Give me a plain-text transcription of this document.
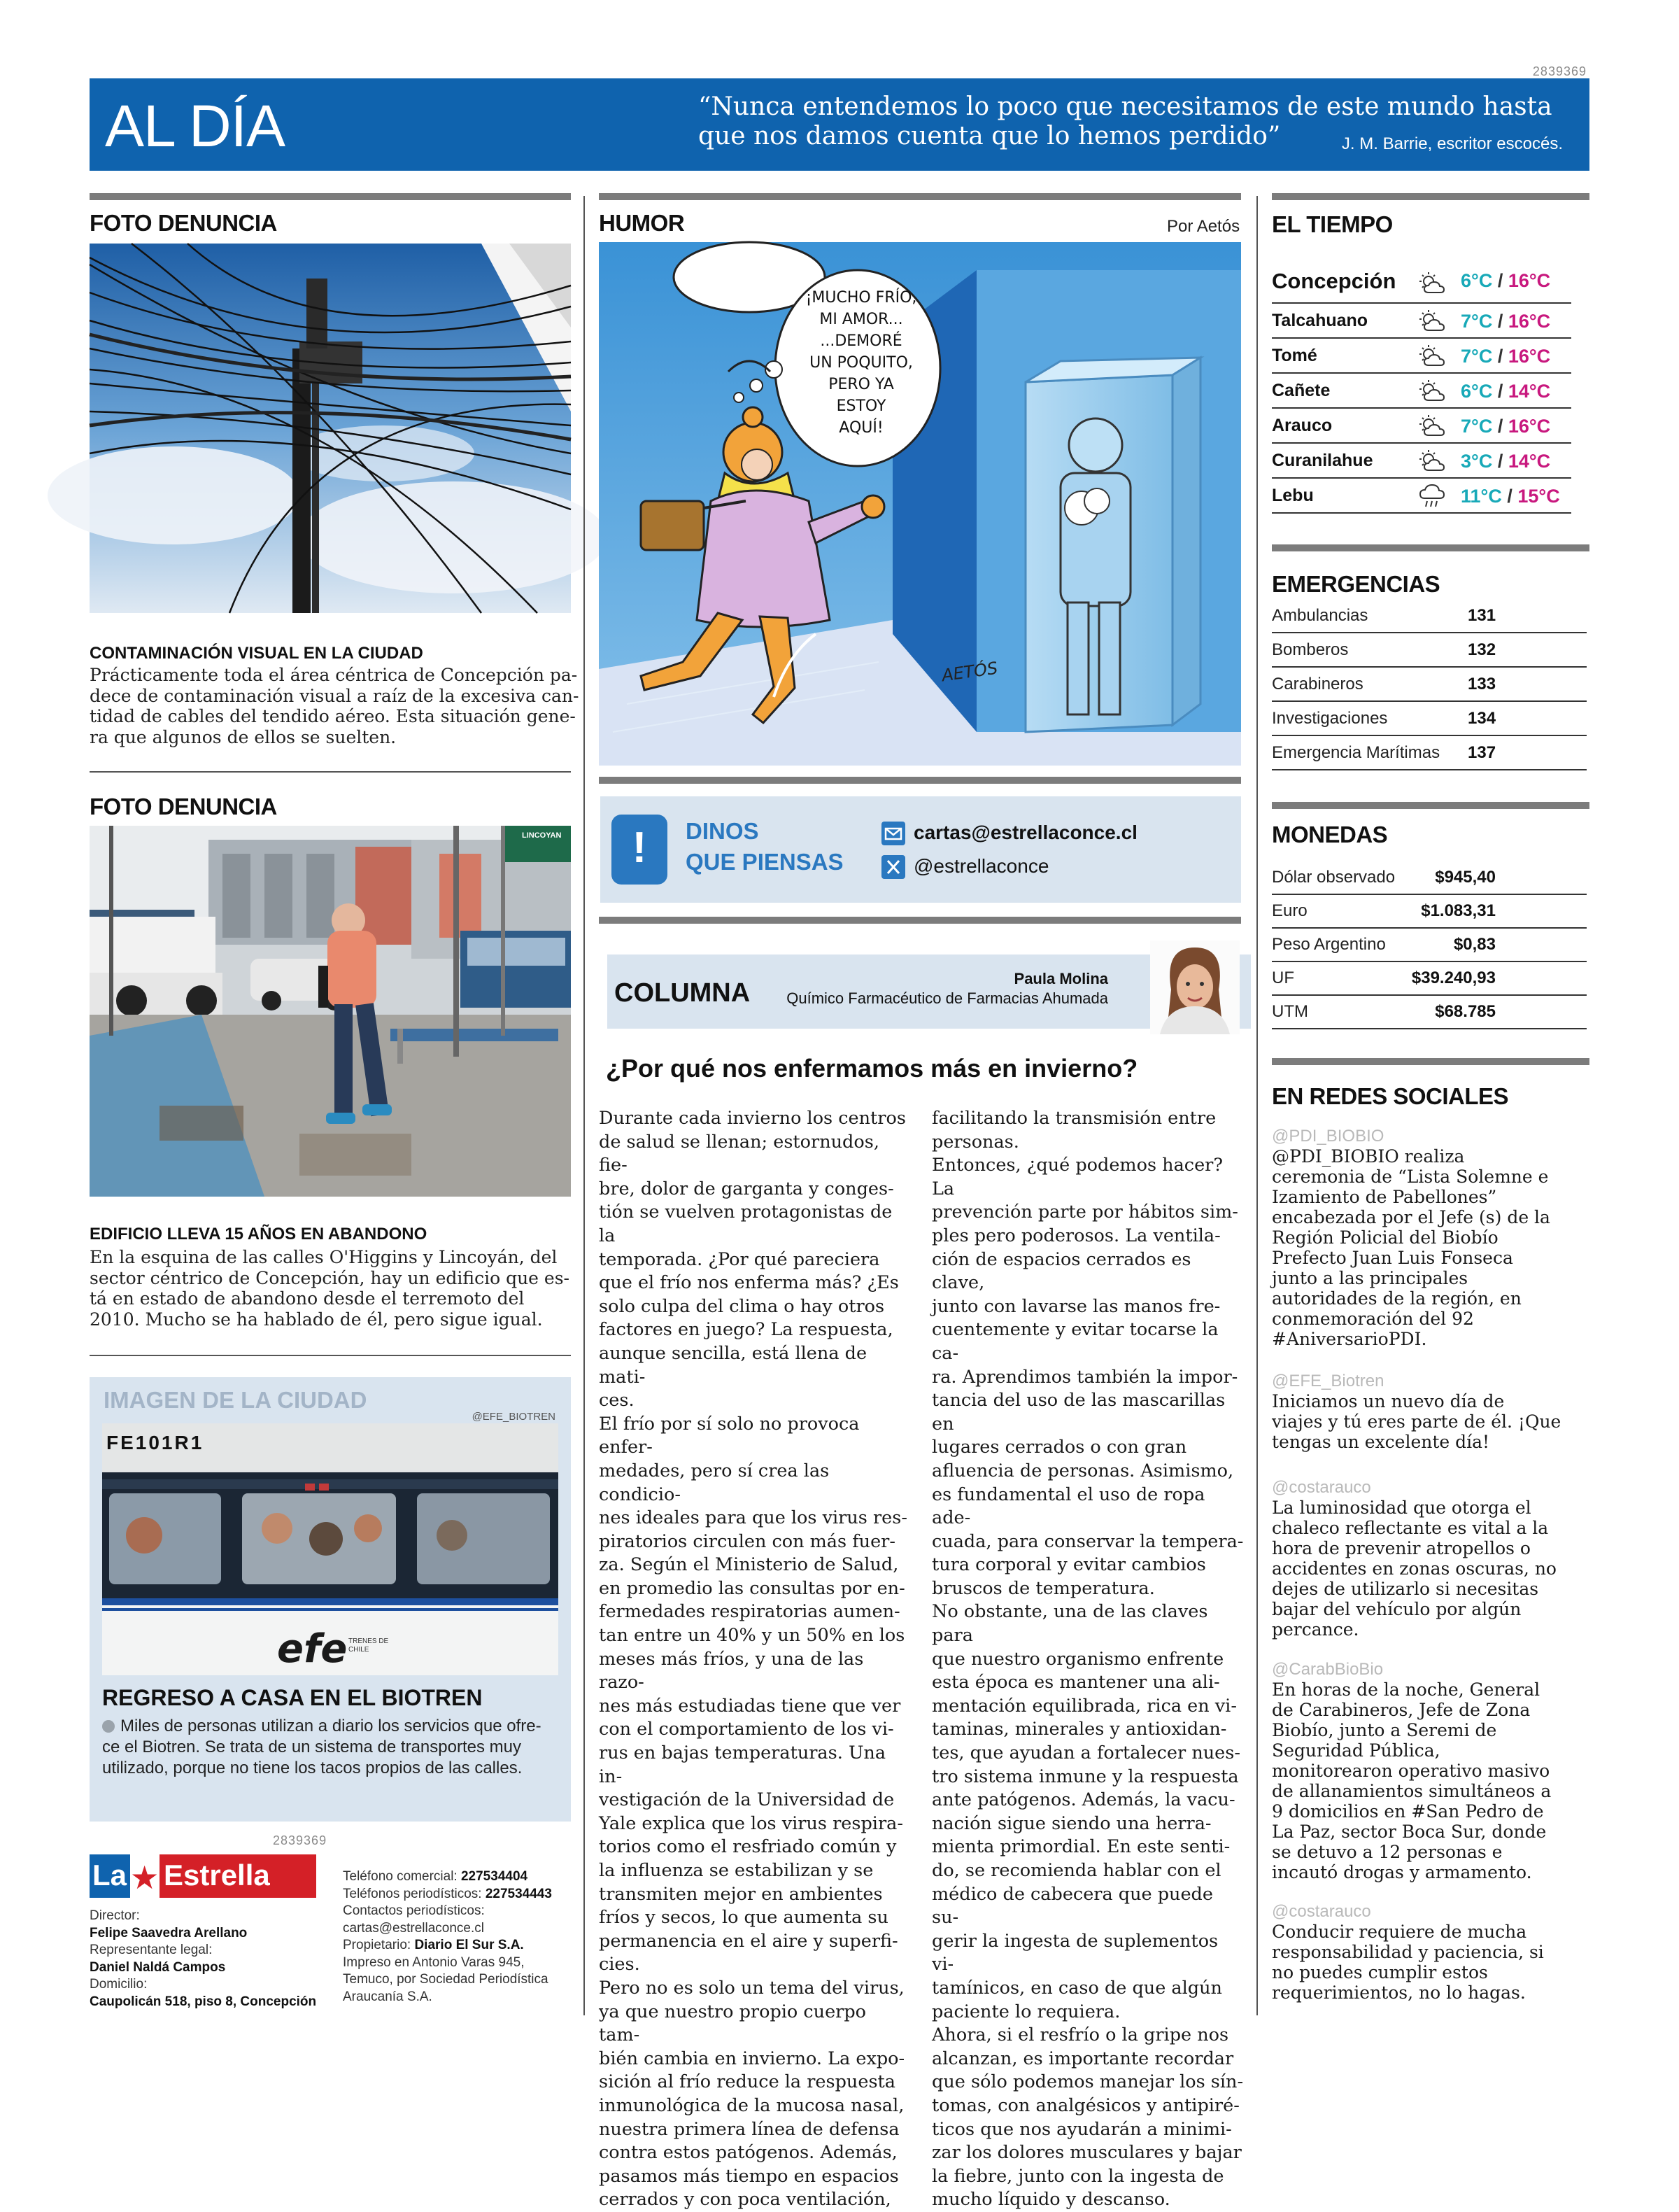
2839369
AL DÍA	“Nunca entendemos lo poco que necesitamos de este mundo hasta que nos damos cuenta que lo hemos perdido”	J. M. Barrie, escritor escocés.
FOTO DENUNCIA
CONTAMINACIÓN VISUAL EN LA CIUDAD
Prácticamente toda el área céntrica de Concepción pa-
dece de contaminación visual a raíz de la excesiva can-
tidad de cables del tendido aéreo. Esta situación gene-
ra que algunos de ellos se suelten.
FOTO DENUNCIA
LINCOYAN
EDIFICIO LLEVA 15 AÑOS EN ABANDONO
En la esquina de las calles O'Higgins y Lincoyán, del
sector céntrico de Concepción, hay un edificio que es-
tá en estado de abandono desde el terremoto del
2010. Mucho se ha hablado de él, pero sigue igual.
IMAGEN DE LA CIUDAD
@EFE_BIOTREN
FE101R1
efe TRENES DE CHILE
REGRESO A CASA EN EL BIOTREN
Miles de personas utilizan a diario los servicios que ofre-
ce el Biotren. Se trata de un sistema de transportes muy
utilizado, porque no tiene los tacos propios de las calles.
2839369
La ★ Estrella
Director:
Felipe Saavedra Arellano
Representante legal:
Daniel Naldá Campos
Domicilio:
Caupolicán 518, piso 8, Concepción
Teléfono comercial: 227534404
Teléfonos periodísticos: 227534443
Contactos periodísticos:
cartas@estrellaconce.cl
Propietario: Diario El Sur S.A.
Impreso en Antonio Varas 945,
Temuco, por Sociedad Periodística
Araucanía S.A.
HUMOR	Por Aetós
¡MUCHO FRÍO,
MI AMOR...
...DEMORÉ
UN POQUITO,
PERO YA ESTOY
AQUÍ!
AETÓS
!	DINOS
QUE PIENSAS
cartas@estrellaconce.cl
@estrellaconce
COLUMNA	Paula Molina
Químico Farmacéutico de Farmacias Ahumada
¿Por qué nos enfermamos más en invierno?
Durante cada invierno los centros
de salud se llenan; estornudos, fie-
bre, dolor de garganta y conges-
tión se vuelven protagonistas de la
temporada. ¿Por qué pareciera
que el frío nos enferma más? ¿Es
solo culpa del clima o hay otros
factores en juego? La respuesta,
aunque sencilla, está llena de mati-
ces.
El frío por sí solo no provoca enfer-
medades, pero sí crea las condicio-
nes ideales para que los virus res-
piratorios circulen con más fuer-
za. Según el Ministerio de Salud,
en promedio las consultas por en-
fermedades respiratorias aumen-
tan entre un 40% y un 50% en los
meses más fríos, y una de las razo-
nes más estudiadas tiene que ver
con el comportamiento de los vi-
rus en bajas temperaturas. Una in-
vestigación de la Universidad de
Yale explica que los virus respira-
torios como el resfriado común y
la influenza se estabilizan y se
transmiten mejor en ambientes
fríos y secos, lo que aumenta su
permanencia en el aire y superfi-
cies.
Pero no es solo un tema del virus,
ya que nuestro propio cuerpo tam-
bién cambia en invierno. La expo-
sición al frío reduce la respuesta
inmunológica de la mucosa nasal,
nuestra primera línea de defensa
contra estos patógenos. Además,
pasamos más tiempo en espacios
cerrados y con poca ventilación,
facilitando la transmisión entre
personas.
Entonces, ¿qué podemos hacer? La
prevención parte por hábitos sim-
ples pero poderosos. La ventila-
ción de espacios cerrados es clave,
junto con lavarse las manos fre-
cuentemente y evitar tocarse la ca-
ra. Aprendimos también la impor-
tancia del uso de las mascarillas en
lugares cerrados o con gran
afluencia de personas. Asimismo,
es fundamental el uso de ropa ade-
cuada, para conservar la tempera-
tura corporal y evitar cambios
bruscos de temperatura.
No obstante, una de las claves para
que nuestro organismo enfrente
esta época es mantener una ali-
mentación equilibrada, rica en vi-
taminas, minerales y antioxidan-
tes, que ayudan a fortalecer nues-
tro sistema inmune y la respuesta
ante patógenos. Además, la vacu-
nación sigue siendo una herra-
mienta primordial. En este senti-
do, se recomienda hablar con el
médico de cabecera que puede su-
gerir la ingesta de suplementos vi-
tamínicos, en caso de que algún
paciente lo requiera.
Ahora, si el resfrío o la gripe nos
alcanzan, es importante recordar
que sólo podemos manejar los sín-
tomas, con analgésicos y antipiré-
ticos que nos ayudarán a minimi-
zar los dolores musculares y bajar
la fiebre, junto con la ingesta de
mucho líquido y descanso.
EL TIEMPO
Concepción	6°C / 16°C
Talcahuano	7°C / 16°C
Tomé	7°C / 16°C
Cañete	6°C / 14°C
Arauco	7°C / 16°C
Curanilahue	3°C / 14°C
Lebu	11°C / 15°C
EMERGENCIAS
Ambulancias	131
Bomberos	132
Carabineros	133
Investigaciones	134
Emergencia Marítimas 137
MONEDAS
Dólar observado $945,40
Euro	$1.083,31
Peso Argentino	$0,83
UF	$39.240,93
UTM	$68.785
EN REDES SOCIALES
@PDI_BIOBIO
@PDI_BIOBIO realiza
ceremonia de “Lista Solemne e
Izamiento de Pabellones”
encabezada por el Jefe (s) de la
Región Policial del Biobío
Prefecto Juan Luis Fonseca
junto a las principales
autoridades de la región, en
conmemoración del 92
#AniversarioPDI.
@EFE_Biotren
Iniciamos un nuevo día de
viajes y tú eres parte de él. ¡Que
tengas un excelente día!
@costarauco
La luminosidad que otorga el
chaleco reflectante es vital a la
hora de prevenir atropellos o
accidentes en zonas oscuras, no
dejes de utilizarlo si necesitas
bajar del vehículo por algún
percance.
@CarabBioBio
En horas de la noche, General
de Carabineros, Jefe de Zona
Biobío, junto a Seremi de
Seguridad Pública,
monitorearon operativo masivo
de allanamientos simultáneos a
9 domicilios en #San Pedro de
La Paz, sector Boca Sur, donde
se detuvo a 12 personas e
incautó drogas y armamento.
@costarauco
Conducir requiere de mucha
responsabilidad y paciencia, si
no puedes cumplir estos
requerimientos, no lo hagas.
